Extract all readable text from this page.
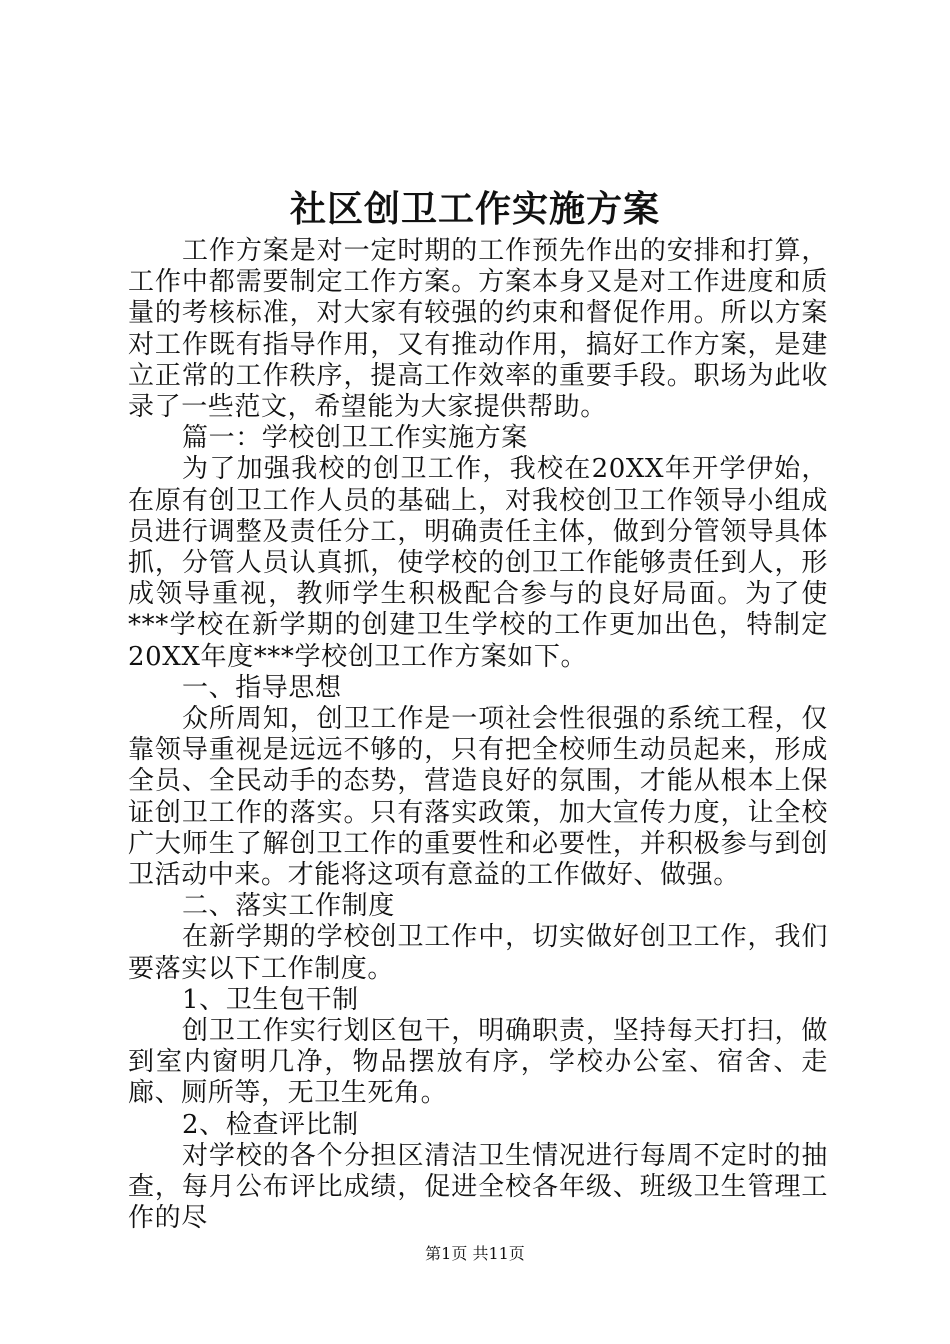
社区创卫工作实施方案

工作方案是对一定时期的工作预先作出的安排和打算，工作中都需要制定工作方案。方案本身又是对工作进度和质量的考核标准，对大家有较强的约束和督促作用。所以方案对工作既有指导作用，又有推动作用，搞好工作方案，是建立正常的工作秩序，提高工作效率的重要手段。职场为此收录了一些范文，希望能为大家提供帮助。

篇一：学校创卫工作实施方案

为了加强我校的创卫工作，我校在20XX年开学伊始，在原有创卫工作人员的基础上，对我校创卫工作领导小组成员进行调整及责任分工，明确责任主体，做到分管领导具体抓，分管人员认真抓，使学校的创卫工作能够责任到人，形成领导重视，教师学生积极配合参与的良好局面。为了使***学校在新学期的创建卫生学校的工作更加出色，特制定20XX年度***学校创卫工作方案如下。

一、指导思想

众所周知，创卫工作是一项社会性很强的系统工程，仅靠领导重视是远远不够的，只有把全校师生动员起来，形成全员、全民动手的态势，营造良好的氛围，才能从根本上保证创卫工作的落实。只有落实政策，加大宣传力度，让全校广大师生了解创卫工作的重要性和必要性，并积极参与到创卫活动中来。才能将这项有意益的工作做好、做强。

二、落实工作制度

在新学期的学校创卫工作中，切实做好创卫工作，我们要落实以下工作制度。

1、卫生包干制

创卫工作实行划区包干，明确职责，坚持每天打扫，做到室内窗明几净，物品摆放有序，学校办公室、宿舍、走廊、厕所等，无卫生死角。

2、检查评比制

对学校的各个分担区清洁卫生情况进行每周不定时的抽查，每月公布评比成绩，促进全校各年级、班级卫生管理工作的尽

第1页 共11页
